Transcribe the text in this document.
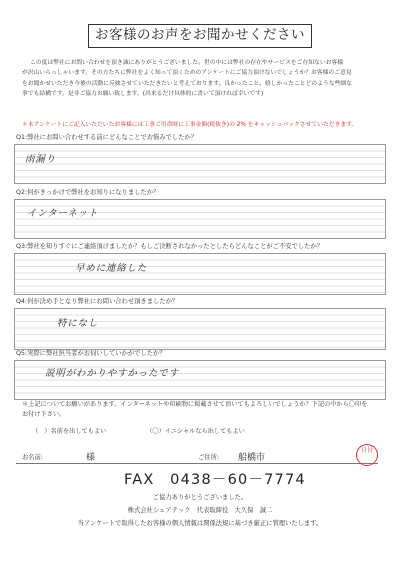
お客様のお声をお聞かせください
この度は弊社にお問い合わせを頂き誠にありがとうございました。世の中には弊社の存在やサービスをご存知ないお客様
が沢山いらっしゃいます。その方たちに弊社をよく知って頂くためのアンケートにご協力頂けないでしょうか？お客様のご意見
をお聞かせいただき今後の活動に反映させていただきたいと考えております。良かったこと、嬉しかったことどのような些細な
事でも結構です。是非ご協力お願い致します。(出来るだけ具体的に書いて頂ければ幸いです)
＊本アンケートにご記入いただいたお客様には工事ご用命時に工事金額(税抜き)の 2% をキャッシュバックさせていただきます。
Q1:弊社にお問い合わせする前にどんなことでお悩みでしたか？
雨漏り
Q2:何がきっかけで弊社をお知りになりましたか？
インターネット
Q3:弊社を知りすぐにご連絡頂けましたか？もしご決断されなかったとしたらどんなことがご不安でしたか？
早めに連絡した
Q4:何が決め手となり弊社にお問い合わせ頂きましたか？
特になし
Q5:実際に弊社担当者がお伺いしていかがでしたか？
説明がわかりやすかったです
＊上記についてお願いがあります。インターネットや印刷物に掲載させて頂いてもよろしいでしょうか？下記の中から〇印を
お付け下さい。
（　）名前を出してもよい	（〇）イニシャルなら出してもよい
お名前:	様	ご住所: 船橋市
日付
FAX　0438－60－7774
ご協力ありがとうございました。
株式会社シェアテック　代表取締役　大久保　誠二
当アンケートで取得したお客様の個人情報は関係法規に基づき厳正に管理いたします。
